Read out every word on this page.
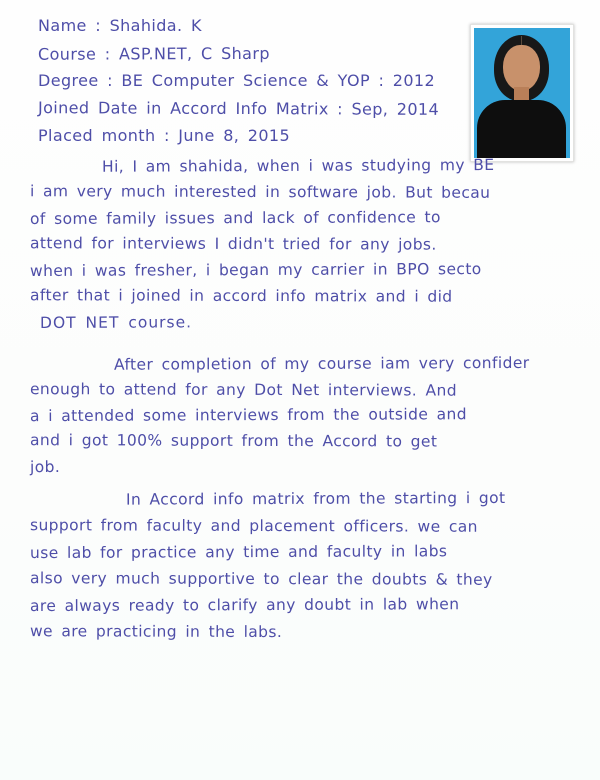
Name : Shahida. K
Course : ASP.NET, C Sharp
Degree : BE Computer Science & YOP : 2012
Joined Date in Accord Info Matrix : Sep, 2014
Placed month : June 8, 2015
Hi, I am shahida, when i was studying my BE
i am very much interested in software job. But becau
of some family issues and lack of confidence to
attend for interviews I didn't tried for any jobs.
when i was fresher, i began my carrier in BPO secto
after that i joined in accord info matrix and i did
DOT NET course.
After completion of my course iam very confider
enough to attend for any Dot Net interviews. And
a i attended some interviews from the outside and
and i got 100% support from the Accord to get
job.
In Accord info matrix from the starting i got
support from faculty and placement officers. we can
use lab for practice any time and faculty in labs
also very much supportive to clear the doubts & they
are always ready to clarify any doubt in lab when
we are practicing in the labs.
